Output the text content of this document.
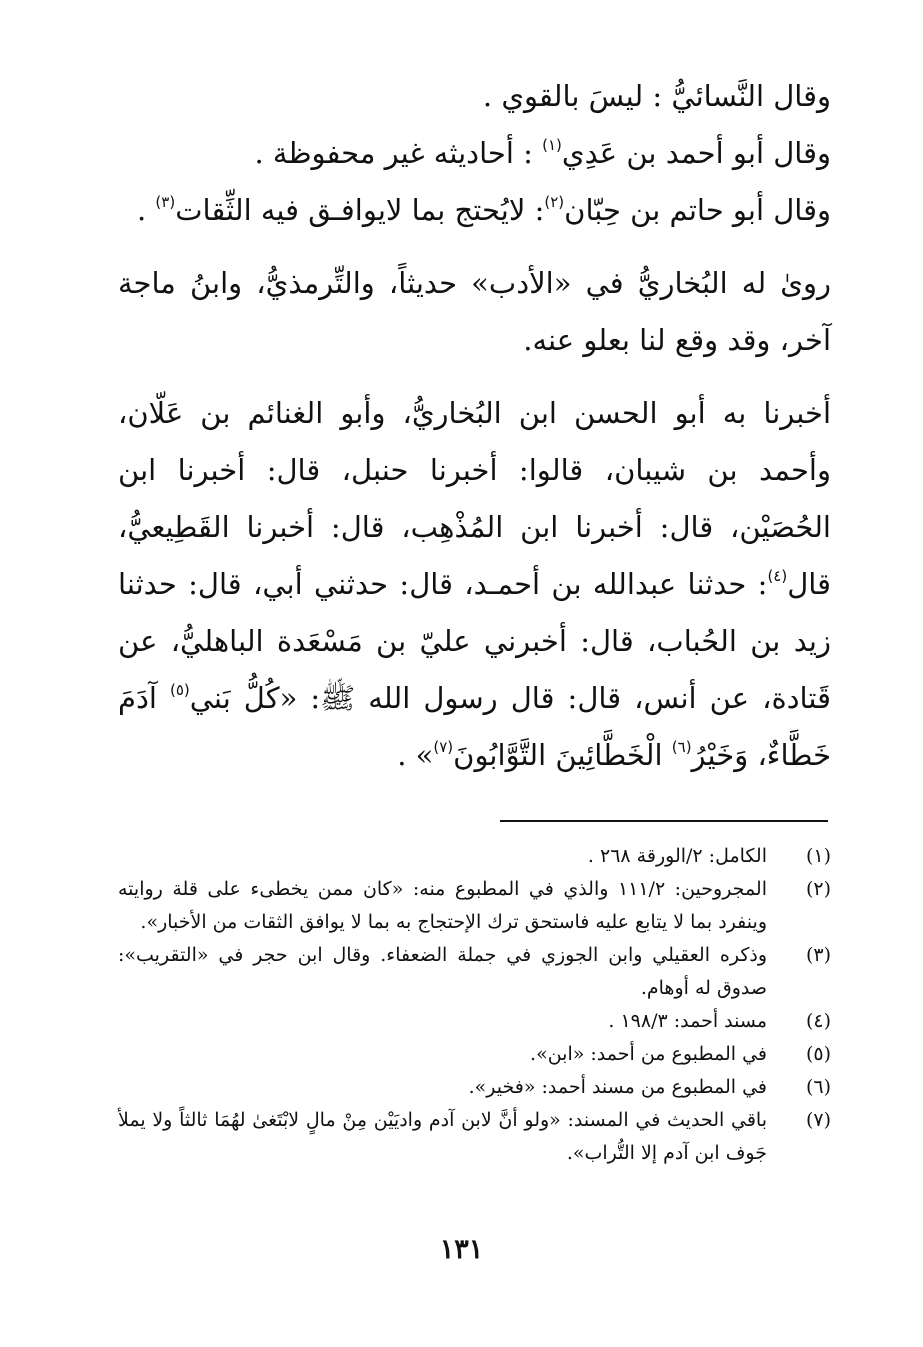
وقال النَّسائيُّ : ليسَ بالقوي .

وقال أبو أحمد بن عَدِي$^{(١)}$ : أحاديثه غير محفوظة .

وقال أبو حاتم بن حِبّان$^{(٢)}$: لايُحتج بما لايوافـق فيه الثِّقات$^{(٣)}$ .

روىٰ له البُخاريُّ في «الأدب» حديثاً، والتِّرمذيُّ، وابنُ ماجة آخر، وقد وقع لنا بعلو عنه.

أخبرنا به أبو الحسن ابن البُخاريُّ، وأبو الغنائم بن عَلّان، وأحمد بن شيبان، قالوا: أخبرنا حنبل، قال: أخبرنا ابن الحُصَيْن، قال: أخبرنا ابن المُذْهِب، قال: أخبرنا القَطِيعيُّ، قال$^{(٤)}$: حدثنا عبدالله بن أحمـد، قال: حدثني أبي، قال: حدثنا زيد بن الحُباب، قال: أخبرني عليّ بن مَسْعَدة الباهليُّ، عن قَتادة، عن أنس، قال: قال رسول الله ﷺ: «كُلُّ بَني$^{(٥)}$ آدَمَ خَطَّاءٌ، وَخَيْرُ$^{(٦)}$ الْخَطَّائِينَ التَّوَّابُونَ$^{(٧)}$» .

(١)
الكامل: ٢/الورقة ٢٦٨ .
(٢)
المجروحين: ١١١/٢ والذي في المطبوع منه: «كان ممن يخطىء على قلة روايته وينفرد بما لا يتابع عليه فاستحق ترك الإحتجاج به بما لا يوافق الثقات من الأخبار».
(٣)
وذكره العقيلي وابن الجوزي في جملة الضعفاء. وقال ابن حجر في «التقريب»: صدوق له أوهام.
(٤)
مسند أحمد: ١٩٨/٣ .
(٥)
في المطبوع من أحمد: «ابن».
(٦)
في المطبوع من مسند أحمد: «فخير».
(٧)
باقي الحديث في المسند: «ولو أنَّ لابن آدم واديَيْن مِنْ مالٍ لابْتَغىٰ لهُمَا ثالثاً ولا يملأ جَوف ابن آدم إلا التُّراب».
١٣١
